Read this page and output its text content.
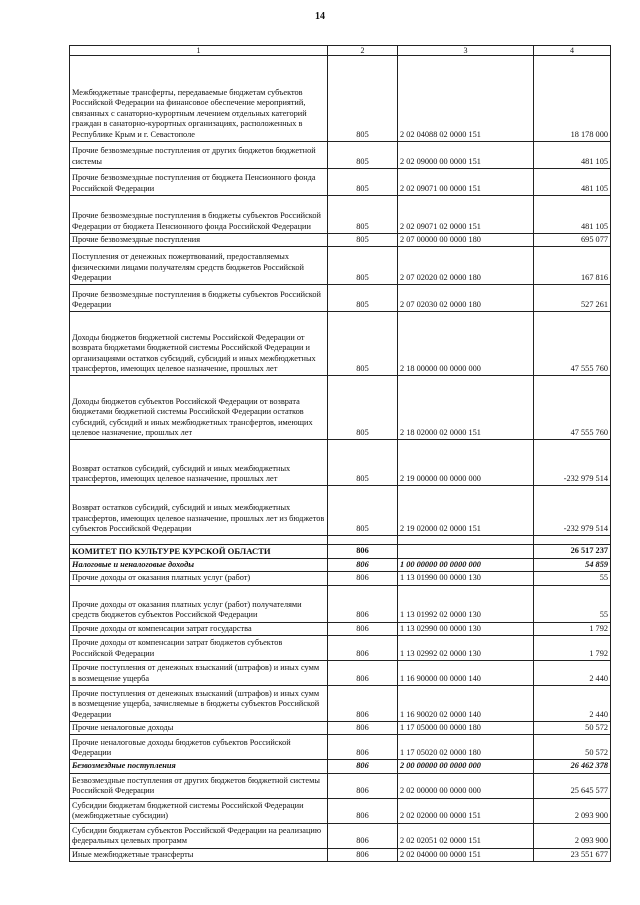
14
1	2	3	4
Межбюджетные трансферты, передаваемые бюджетам субъектов Российской Федерации на финансовое обеспечение мероприятий, связанных с санаторно-курортным лечением отдельных категорий граждан в санаторно-курортных организациях, расположенных в Республике Крым и г. Севастополе	805	2 02 04088 02 0000 151	18 178 000
Прочие безвозмездные поступления от других бюджетов бюджетной системы	805	2 02 09000 00 0000 151	481 105
Прочие безвозмездные поступления от бюджета Пенсионного фонда Российской Федерации	805	2 02 09071 00 0000 151	481 105
Прочие безвозмездные поступления в бюджеты субъектов Российской Федерации от бюджета Пенсионного фонда Российской Федерации	805	2 02 09071 02 0000 151	481 105
Прочие безвозмездные поступления	805	2 07 00000 00 0000 180	695 077
Поступления от денежных пожертвований, предоставляемых физическими лицами получателям средств бюджетов Российской Федерации	805	2 07 02020 02 0000 180	167 816
Прочие безвозмездные поступления в бюджеты субъектов Российской Федерации	805	2 07 02030 02 0000 180	527 261
Доходы бюджетов бюджетной системы Российской Федерации от возврата бюджетами бюджетной системы Российской Федерации и организациями остатков субсидий, субсидий и иных межбюджетных трансфертов, имеющих целевое назначение, прошлых лет	805	2 18 00000 00 0000 000	47 555 760
Доходы бюджетов субъектов Российской Федерации от возврата бюджетами бюджетной системы Российской Федерации остатков субсидий, субсидий и иных межбюджетных трансфертов, имеющих целевое назначение, прошлых лет	805	2 18 02000 02 0000 151	47 555 760
Возврат остатков субсидий, субсидий и иных межбюджетных трансфертов, имеющих целевое назначение, прошлых лет	805	2 19 00000 00 0000 000	-232 979 514
Возврат остатков субсидий, субсидий и иных межбюджетных трансфертов, имеющих целевое назначение, прошлых лет из бюджетов субъектов Российской Федерации	805	2 19 02000 02 0000 151	-232 979 514

КОМИТЕТ ПО КУЛЬТУРЕ КУРСКОЙ ОБЛАСТИ	806		26 517 237
Налоговые и неналоговые доходы	806	1 00 00000 00 0000 000	54 859
Прочие доходы от оказания платных услуг (работ)	806	1 13 01990 00 0000 130	55
Прочие доходы от оказания платных услуг (работ) получателями средств бюджетов субъектов Российской Федерации	806	1 13 01992 02 0000 130	55
Прочие доходы от компенсации затрат государства	806	1 13 02990 00 0000 130	1 792
Прочие доходы от компенсации затрат бюджетов субъектов Российской Федерации	806	1 13 02992 02 0000 130	1 792
Прочие поступления от денежных взысканий (штрафов) и иных сумм в возмещение ущерба	806	1 16 90000 00 0000 140	2 440
Прочие поступления от денежных взысканий (штрафов) и иных сумм в возмещение ущерба, зачисляемые в бюджеты субъектов Российской Федерации	806	1 16 90020 02 0000 140	2 440
Прочие неналоговые доходы	806	1 17 05000 00 0000 180	50 572
Прочие неналоговые доходы бюджетов субъектов Российской Федерации	806	1 17 05020 02 0000 180	50 572
Безвозмездные поступления	806	2 00 00000 00 0000 000	26 462 378
Безвозмездные поступления от других бюджетов бюджетной системы Российской Федерации	806	2 02 00000 00 0000 000	25 645 577
Субсидии бюджетам бюджетной системы Российской Федерации (межбюджетные субсидии)	806	2 02 02000 00 0000 151	2 093 900
Субсидии бюджетам субъектов Российской Федерации на реализацию федеральных целевых программ	806	2 02 02051 02 0000 151	2 093 900
Иные межбюджетные трансферты	806	2 02 04000 00 0000 151	23 551 677
